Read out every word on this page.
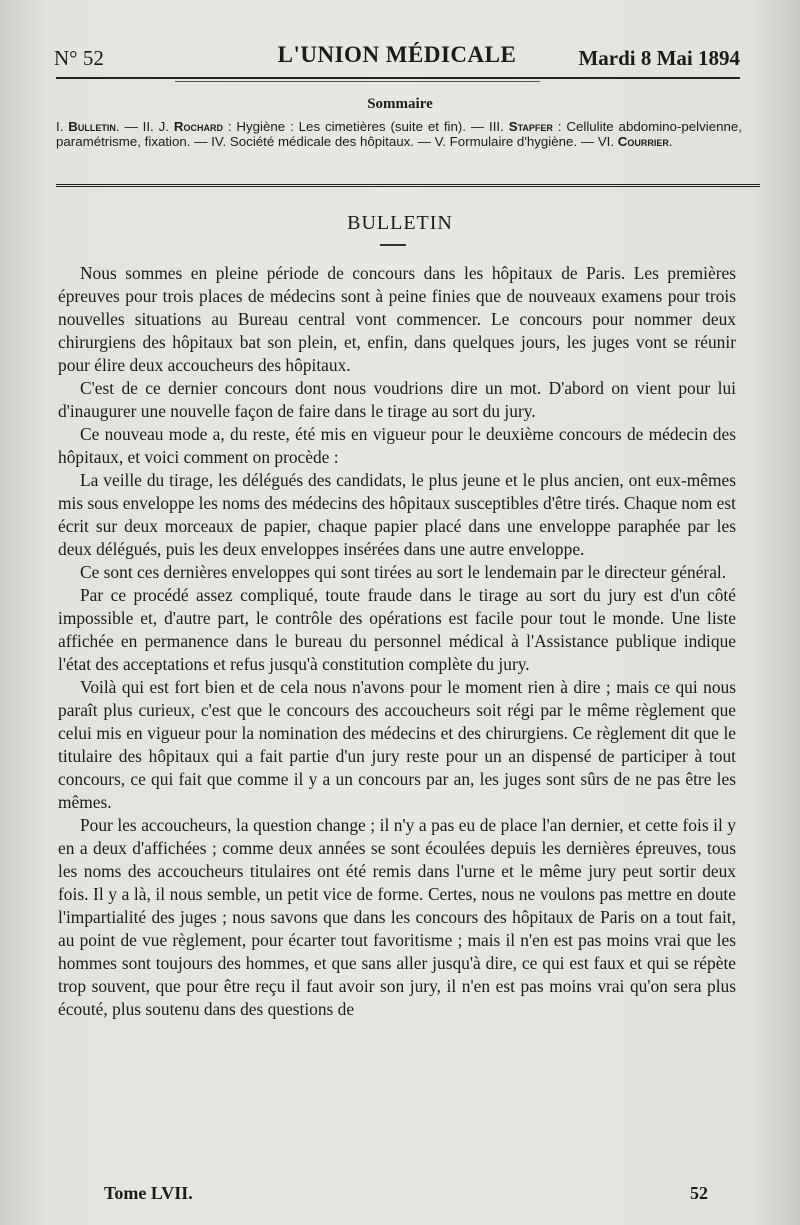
N° 52	L'UNION MÉDICALE	Mardi 8 Mai 1894
Sommaire
I. Bulletin. — II. J. Rochard : Hygiène : Les cimetières (suite et fin). — III. Stapfer : Cellulite abdomino-pelvienne, paramétrisme, fixation. — IV. Société médicale des hôpitaux. — V. Formulaire d'hygiène. — VI. Courrier.
BULLETIN

Nous sommes en pleine période de concours dans les hôpitaux de Paris. Les premières épreuves pour trois places de médecins sont à peine finies que de nouveaux examens pour trois nouvelles situations au Bureau central vont commencer. Le concours pour nommer deux chirurgiens des hôpitaux bat son plein, et, enfin, dans quelques jours, les juges vont se réunir pour élire deux accoucheurs des hôpitaux.

C'est de ce dernier concours dont nous voudrions dire un mot. D'abord on vient pour lui d'inaugurer une nouvelle façon de faire dans le tirage au sort du jury.

Ce nouveau mode a, du reste, été mis en vigueur pour le deuxième concours de médecin des hôpitaux, et voici comment on procède :

La veille du tirage, les délégués des candidats, le plus jeune et le plus ancien, ont eux-mêmes mis sous enveloppe les noms des médecins des hôpitaux susceptibles d'être tirés. Chaque nom est écrit sur deux morceaux de papier, chaque papier placé dans une enveloppe paraphée par les deux délégués, puis les deux enveloppes insérées dans une autre enveloppe.

Ce sont ces dernières enveloppes qui sont tirées au sort le lendemain par le directeur général.

Par ce procédé assez compliqué, toute fraude dans le tirage au sort du jury est d'un côté impossible et, d'autre part, le contrôle des opérations est facile pour tout le monde. Une liste affichée en permanence dans le bureau du personnel médical à l'Assistance publique indique l'état des acceptations et refus jusqu'à constitution complète du jury.

Voilà qui est fort bien et de cela nous n'avons pour le moment rien à dire ; mais ce qui nous paraît plus curieux, c'est que le concours des accoucheurs soit régi par le même règlement que celui mis en vigueur pour la nomination des médecins et des chirurgiens. Ce règlement dit que le titulaire des hôpitaux qui a fait partie d'un jury reste pour un an dispensé de participer à tout concours, ce qui fait que comme il y a un concours par an, les juges sont sûrs de ne pas être les mêmes.

Pour les accoucheurs, la question change ; il n'y a pas eu de place l'an dernier, et cette fois il y en a deux d'affichées ; comme deux années se sont écoulées depuis les dernières épreuves, tous les noms des accoucheurs titulaires ont été remis dans l'urne et le même jury peut sortir deux fois. Il y a là, il nous semble, un petit vice de forme. Certes, nous ne voulons pas mettre en doute l'impartialité des juges ; nous savons que dans les concours des hôpitaux de Paris on a tout fait, au point de vue règlement, pour écarter tout favoritisme ; mais il n'en est pas moins vrai que les hommes sont toujours des hommes, et que sans aller jusqu'à dire, ce qui est faux et qui se répète trop souvent, que pour être reçu il faut avoir son jury, il n'en est pas moins vrai qu'on sera plus écouté, plus soutenu dans des questions de

Tome LVII.	52
